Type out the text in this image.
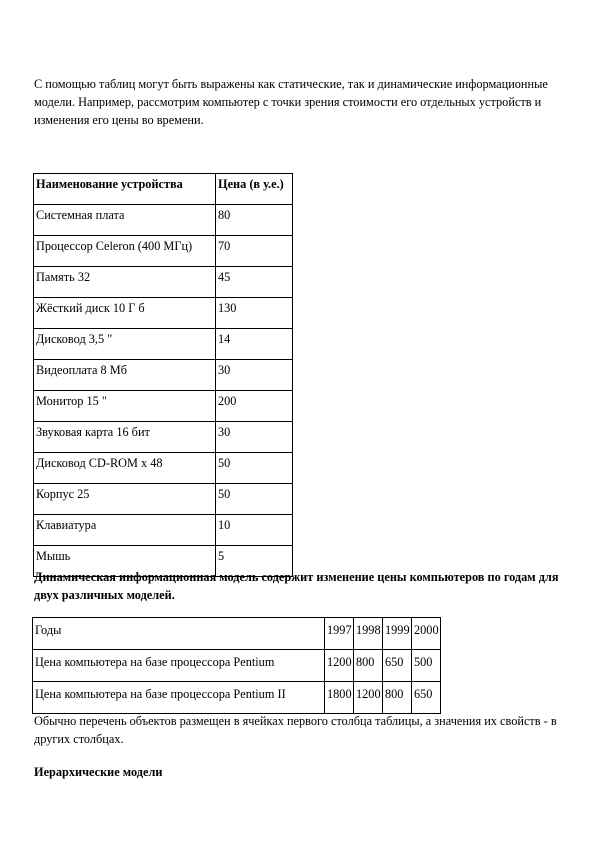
С помощью таблиц могут быть выражены как статические, так и динамические информационные модели. Например, рассмотрим компьютер с точки зрения стоимости его отдельных устройств и изменения его цены во времени.

Наименование устройства	Цена (в у.е.)
Системная плата	80
Процессор Celeron (400 МГц)	70
Память 32	45
Жёсткий диск 10 Г б	130
Дисковод 3,5 "	14
Видеоплата 8 Мб	30
Монитор 15 "	200
Звуковая карта 16 бит	30
Дисковод CD-ROM х 48	50
Корпус 25	50
Клавиатура	10
Мышь	5

Динамическая информационная модель содержит изменение цены компьютеров по годам для двух различных моделей.

Годы	1997	1998	1999	2000
Цена компьютера на базе процессора Pentium	1200	800	650	500
Цена компьютера на базе процессора Pentium II	1800	1200	800	650

Обычно перечень объектов размещен в ячейках первого столбца таблицы, а значения их свойств - в других столбцах.

Иерархические модели
